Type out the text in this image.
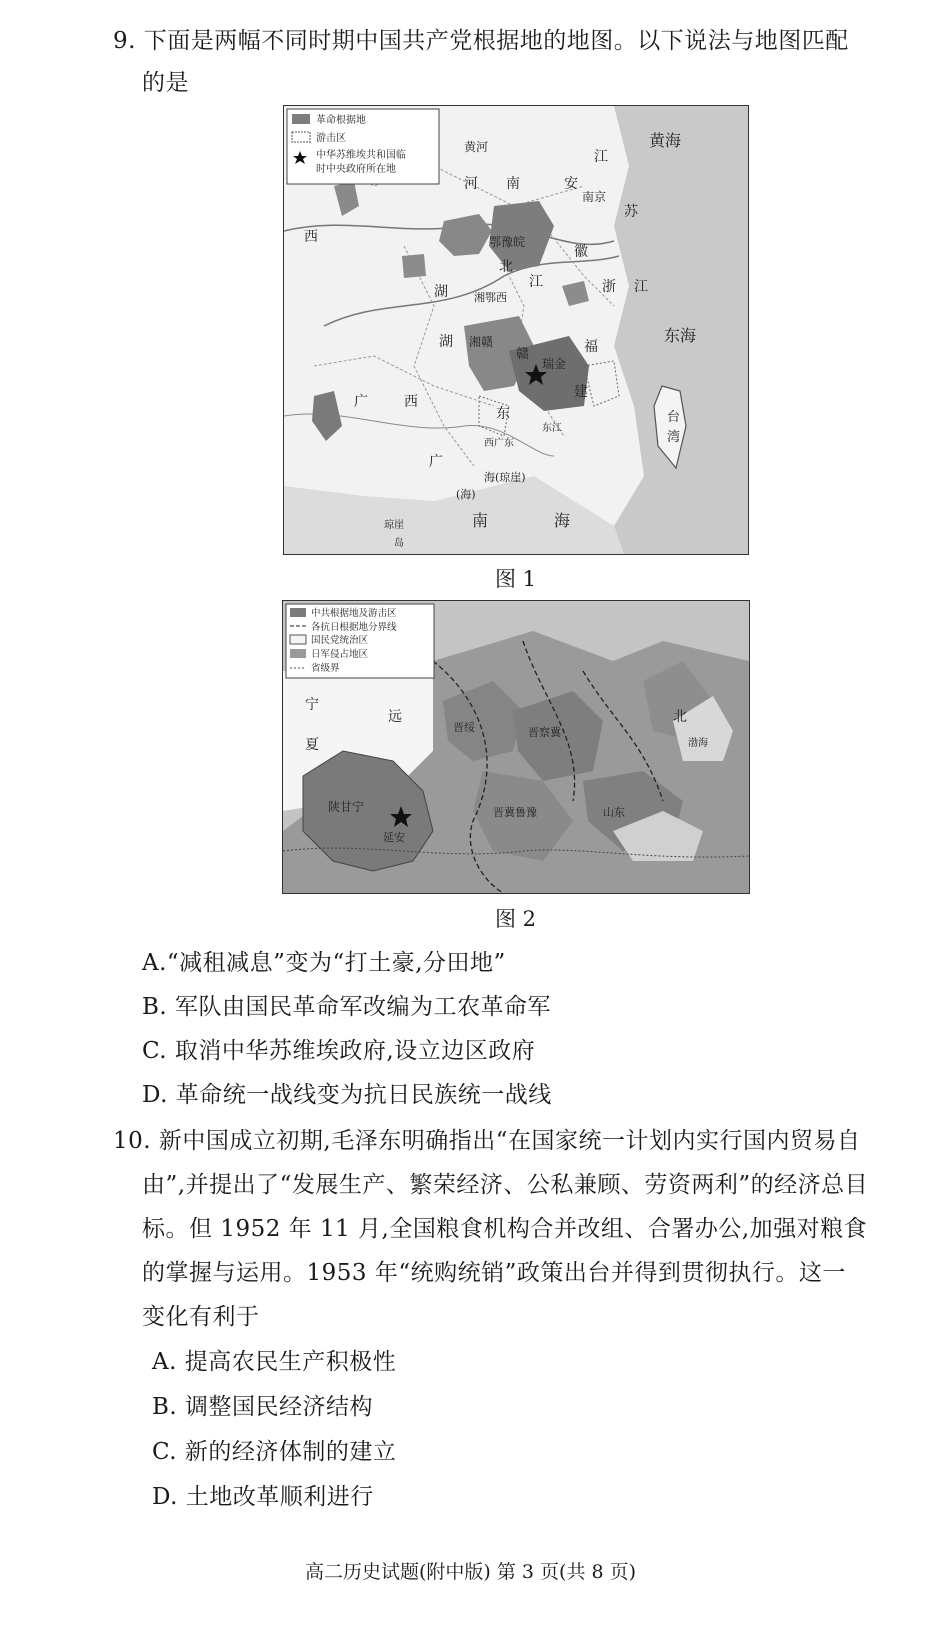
9. 下面是两幅不同时期中国共产党根据地的地图。以下说法与地图匹配
的是
革命根据地
游击区
中华苏维埃共和国临
时中央政府所在地
黄河
河 南	安
江
黄海
南京
苏
西	鄂豫皖
湖
北
江
徽
浙 江
湘鄂西
湖 湘赣
赣
瑞金
福
东海
建
广	西
东	台
湾
东江
西广东
广
海(琼崖)
(海)
南	海
琼崖
岛
图 1
中共根据地及游击区
各抗日根据地分界线
国民党统治区
日军侵占地区
省级界
宁
夏
远
陕甘宁
延安
晋绥	晋察冀
晋冀鲁豫	山东
北
渤海
图 2
A.“减租减息”变为“打土豪,分田地”
B. 军队由国民革命军改编为工农革命军
C. 取消中华苏维埃政府,设立边区政府
D. 革命统一战线变为抗日民族统一战线
10. 新中国成立初期,毛泽东明确指出“在国家统一计划内实行国内贸易自
由”,并提出了“发展生产、繁荣经济、公私兼顾、劳资两利”的经济总目
标。但 1952 年 11 月,全国粮食机构合并改组、合署办公,加强对粮食
的掌握与运用。1953 年“统购统销”政策出台并得到贯彻执行。这一
变化有利于
A. 提高农民生产积极性
B. 调整国民经济结构
C. 新的经济体制的建立
D. 土地改革顺利进行
高二历史试题(附中版) 第 3 页(共 8 页)
